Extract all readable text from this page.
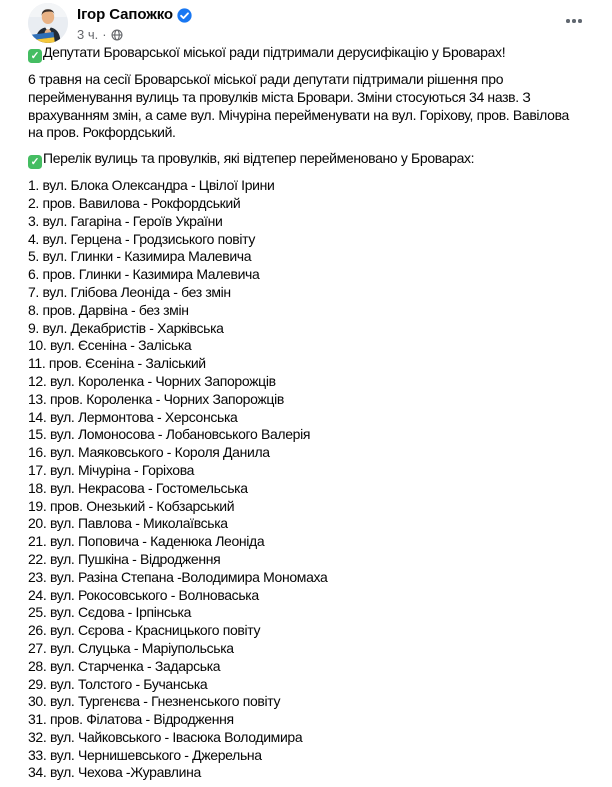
Ігор Сапожко
3 ч. ·
✓ Депутати Броварської міської ради підтримали дерусифікацію у Броварах!
6 травня на сесії Броварської міської ради депутати підтримали рішення про перейменування вулиць та провулків міста Бровари. Зміни стосуються 34 назв. З врахуванням змін, а саме вул. Мічуріна перейменувати на вул. Горіхову, пров. Вавілова на пров. Рокфордський.
✓ Перелік вулиць та провулків, які відтепер перейменовано у Броварах:
1. вул. Блока Олександра - Цвілої Ірини
2. пров. Вавилова - Рокфордський
3. вул. Гагаріна - Героїв України
4. вул. Герцена - Гродзиського повіту
5. вул. Глинки - Казимира Малевича
6. пров. Глинки - Казимира Малевича
7. вул. Глібова Леоніда - без змін
8. пров. Дарвіна - без змін
9. вул. Декабристів - Харківська
10. вул. Єсеніна - Заліська
11. пров. Єсеніна - Заліський
12. вул. Короленка - Чорних Запорожців
13. пров. Короленка - Чорних Запорожців
14. вул. Лермонтова - Херсонська
15. вул. Ломоносова - Лобановського Валерія
16. вул. Маяковського - Короля Данила
17. вул. Мічуріна - Горіхова
18. вул. Некрасова - Гостомельська
19. пров. Онезький - Кобзарський
20. вул. Павлова - Миколаївська
21. вул. Поповича - Каденюка Леоніда
22. вул. Пушкіна - Відродження
23. вул. Разіна Степана -Володимира Мономаха
24. вул. Рокосовського - Волноваська
25. вул. Сєдова - Ірпінська
26. вул. Сєрова - Красницького повіту
27. вул. Слуцька - Маріупольська
28. вул. Старченка - Задарська
29. вул. Толстого - Бучанська
30. вул. Тургенєва - Гнезненського повіту
31. пров. Філатова - Відродження
32. вул. Чайковського - Івасюка Володимира
33. вул. Чернишевського - Джерельна
34. вул. Чехова -Журавлина
